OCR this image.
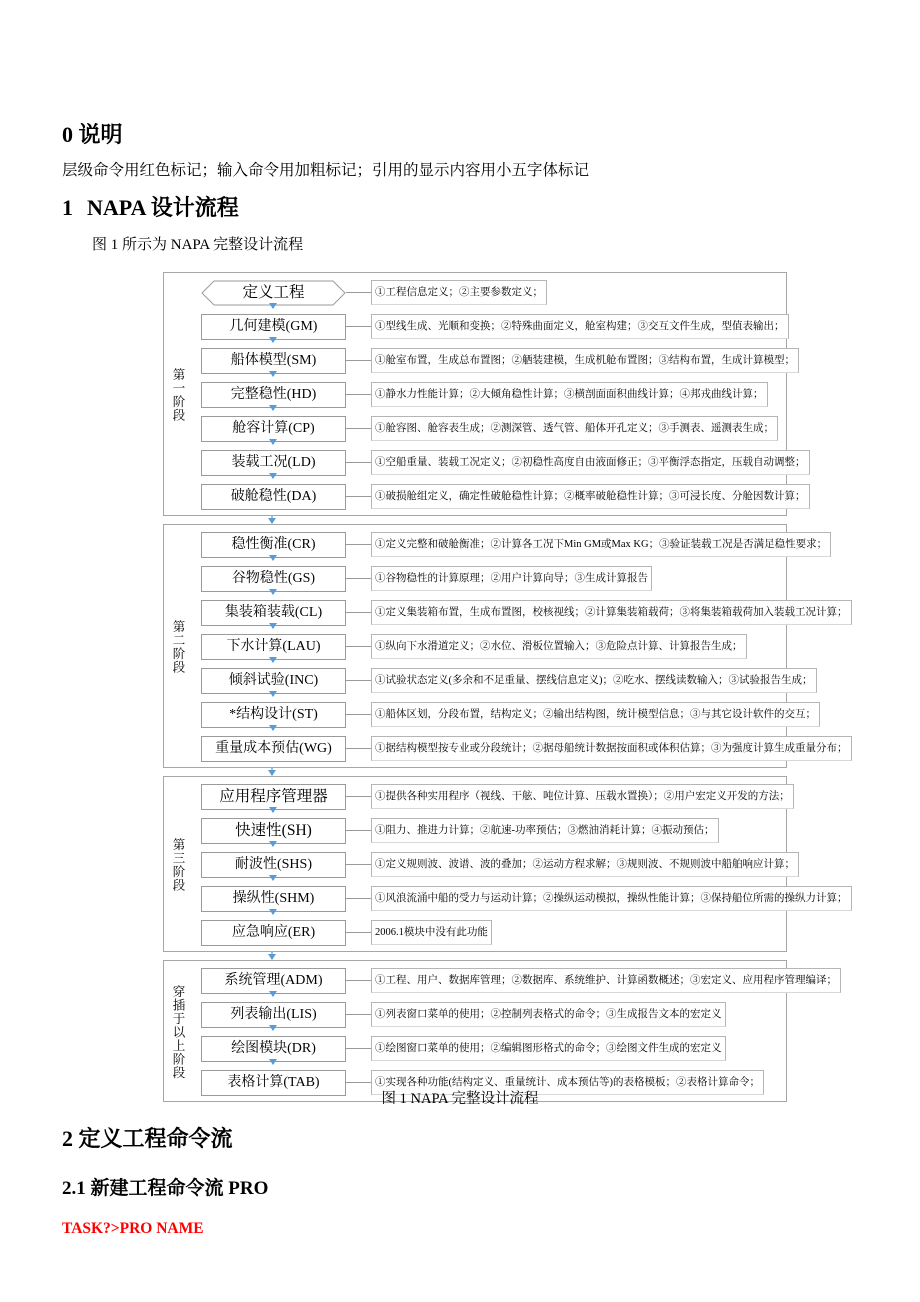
0 说明
层级命令用红色标记；输入命令用加粗标记；引用的显示内容用小五字体标记
1 NAPA 设计流程
图 1 所示为 NAPA 完整设计流程
第一阶段
定义工程	①工程信息定义；②主要参数定义；
几何建模(GM)	①型线生成、光顺和变换；②特殊曲面定义，舱室构建；③交互文件生成，型值表输出；
船体模型(SM)	①舱室布置，生成总布置图；②舾装建模，生成机舱布置图；③结构布置，生成计算模型；
完整稳性(HD)	①静水力性能计算；②大倾角稳性计算；③横剖面面积曲线计算；④邦戎曲线计算；
舱容计算(CP)	①舱容图、舱容表生成；②测深管、透气管、船体开孔定义；③手测表、遥测表生成；
装载工况(LD)	①空船重量、装载工况定义；②初稳性高度自由液面修正；③平衡浮态指定，压载自动调整；
破舱稳性(DA)	①破损舱组定义，确定性破舱稳性计算；②概率破舱稳性计算；③可浸长度、分舱因数计算；
第二阶段
稳性衡准(CR)	①定义完整和破舱衡准；②计算各工况下Min GM或Max KG；③验证装载工况是否满足稳性要求；
谷物稳性(GS)	①谷物稳性的计算原理；②用户计算向导；③生成计算报告
集装箱装载(CL)	①定义集装箱布置，生成布置图，校核视线；②计算集装箱载荷；③将集装箱载荷加入装载工况计算；
下水计算(LAU)	①纵向下水滑道定义；②水位、滑板位置输入；③危险点计算、计算报告生成；
倾斜试验(INC)	①试验状态定义(多余和不足重量、摆线信息定义)；②吃水、摆线读数输入；③试验报告生成；
*结构设计(ST)	①船体区划，分段布置，结构定义；②输出结构图，统计模型信息；③与其它设计软件的交互；
重量成本预估(WG)	①据结构模型按专业或分段统计；②据母船统计数据按面积或体积估算；③为强度计算生成重量分布；
第三阶段
应用程序管理器	①提供各种实用程序（视线、干舷、吨位计算、压载水置换）；②用户宏定义开发的方法；
快速性(SH)	①阻力、推进力计算；②航速-功率预估；③燃油消耗计算；④振动预估；
耐波性(SHS)	①定义规则波、波谱、波的叠加；②运动方程求解；③规则波、不规则波中船舶响应计算；
操纵性(SHM)	①风浪流涌中船的受力与运动计算；②操纵运动模拟，操纵性能计算；③保持船位所需的操纵力计算；
应急响应(ER)	2006.1模块中没有此功能
穿插于以上阶段
系统管理(ADM)	①工程、用户、数据库管理；②数据库、系统维护、计算函数概述；③宏定义、应用程序管理编译；
列表输出(LIS)	①列表窗口菜单的使用；②控制列表格式的命令；③生成报告文本的宏定义
绘图模块(DR)	①绘图窗口菜单的使用；②编辑图形格式的命令；③绘图文件生成的宏定义
表格计算(TAB)	①实现各种功能(结构定义、重量统计、成本预估等)的表格模板；②表格计算命令；
图 1 NAPA 完整设计流程
2 定义工程命令流
2.1 新建工程命令流 PRO
TASK?>PRO NAME
